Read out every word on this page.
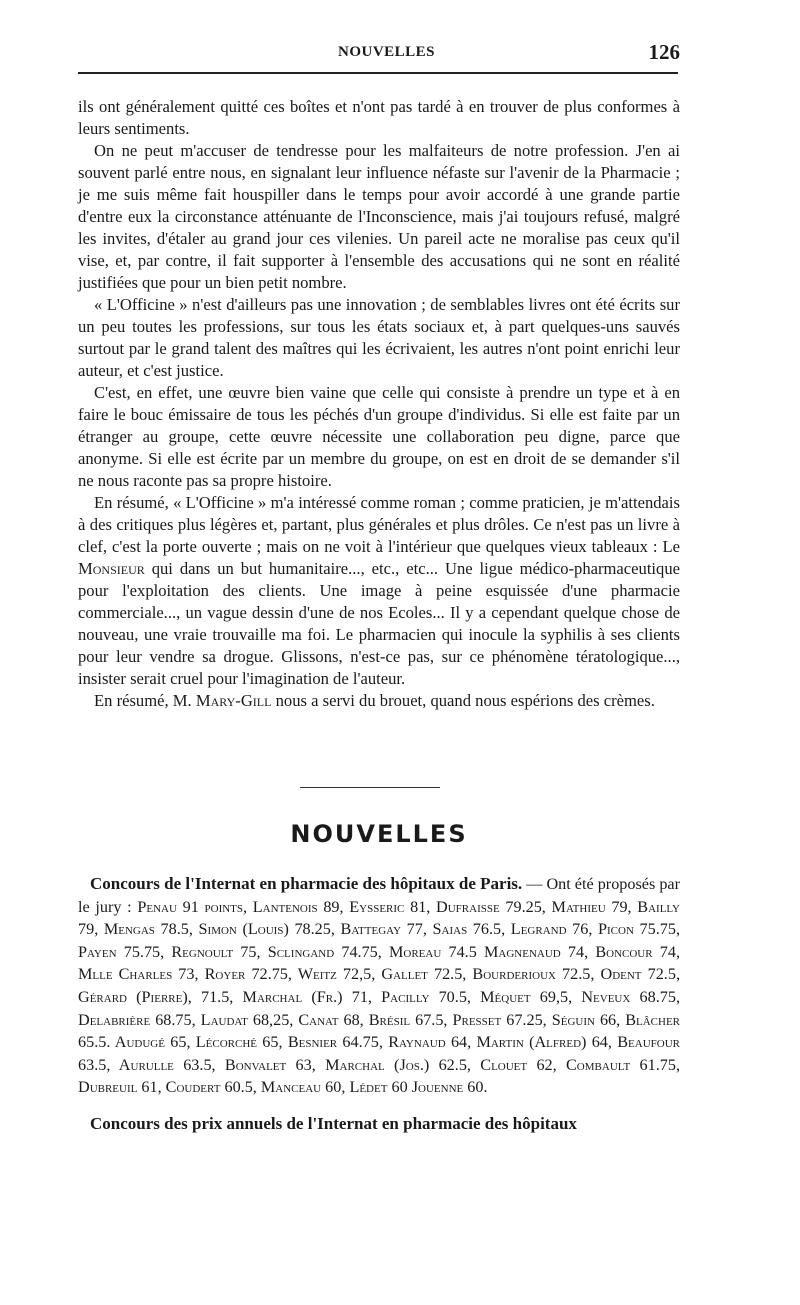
NOUVELLES	126

ils ont généralement quitté ces boîtes et n'ont pas tardé à en trouver de plus conformes à leurs sentiments.

On ne peut m'accuser de tendresse pour les malfaiteurs de notre profession. J'en ai souvent parlé entre nous, en signalant leur influence néfaste sur l'avenir de la Pharmacie ; je me suis même fait houspiller dans le temps pour avoir accordé à une grande partie d'entre eux la circonstance atténuante de l'Inconscience, mais j'ai toujours refusé, malgré les invites, d'étaler au grand jour ces vilenies. Un pareil acte ne moralise pas ceux qu'il vise, et, par contre, il fait supporter à l'ensemble des accusations qui ne sont en réalité justifiées que pour un bien petit nombre.

« L'Officine » n'est d'ailleurs pas une innovation ; de semblables livres ont été écrits sur un peu toutes les professions, sur tous les états sociaux et, à part quelques-uns sauvés surtout par le grand talent des maîtres qui les écrivaient, les autres n'ont point enrichi leur auteur, et c'est justice.

C'est, en effet, une œuvre bien vaine que celle qui consiste à prendre un type et à en faire le bouc émissaire de tous les péchés d'un groupe d'individus. Si elle est faite par un étranger au groupe, cette œuvre nécessite une collaboration peu digne, parce que anonyme. Si elle est écrite par un membre du groupe, on est en droit de se demander s'il ne nous raconte pas sa propre histoire.

En résumé, « L'Officine » m'a intéressé comme roman ; comme praticien, je m'attendais à des critiques plus légères et, partant, plus générales et plus drôles. Ce n'est pas un livre à clef, c'est la porte ouverte ; mais on ne voit à l'intérieur que quelques vieux tableaux : Le Monsieur qui dans un but humanitaire..., etc., etc... Une ligue médico-pharmaceutique pour l'exploitation des clients. Une image à peine esquissée d'une pharmacie commerciale..., un vague dessin d'une de nos Ecoles... Il y a cependant quelque chose de nouveau, une vraie trouvaille ma foi. Le pharmacien qui inocule la syphilis à ses clients pour leur vendre sa drogue. Glissons, n'est-ce pas, sur ce phénomène tératologique..., insister serait cruel pour l'imagination de l'auteur.

En résumé, M. Mary-Gill nous a servi du brouet, quand nous espérions des crèmes.

NOUVELLES

Concours de l'Internat en pharmacie des hôpitaux de Paris. — Ont été proposés par le jury : Penau 91 points, Lantenois 89, Eysseric 81, Dufraisse 79.25, Mathieu 79, Bailly 79, Mengas 78.5, Simon (Louis) 78.25, Battegay 77, Saias 76.5, Legrand 76, Picon 75.75, Payen 75.75, Regnoult 75, Sclingand 74.75, Moreau 74.5 Magnenaud 74, Boncour 74, Mlle Charles 73, Royer 72.75, Weitz 72,5, Gallet 72.5, Bourderioux 72.5, Odent 72.5, Gérard (Pierre), 71.5, Marchal (Fr.) 71, Pacilly 70.5, Méquet 69,5, Neveux 68.75, Delabrière 68.75, Laudat 68,25, Canat 68, Brésil 67.5, Presset 67.25, Séguin 66, Blâcher 65.5. Audugé 65, Lécorché 65, Besnier 64.75, Raynaud 64, Martin (Alfred) 64, Beaufour 63.5, Aurulle 63.5, Bonvalet 63, Marchal (Jos.) 62.5, Clouet 62, Combault 61.75, Dubreuil 61, Coudert 60.5, Manceau 60, Lédet 60 Jouenne 60.

Concours des prix annuels de l'Internat en pharmacie des hôpitaux
